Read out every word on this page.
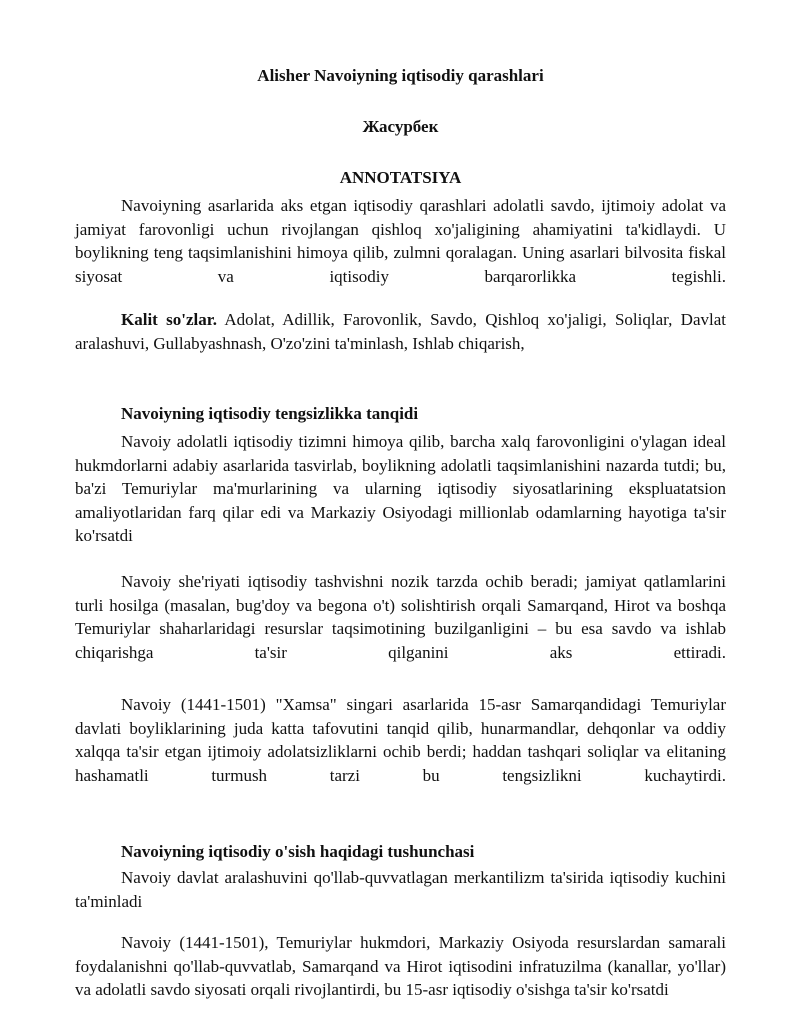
Alisher Navoiyning iqtisodiy qarashlari
Жасурбек
ANNOTATSIYA

Navoiyning asarlarida aks etgan iqtisodiy qarashlari adolatli savdo, ijtimoiy adolat va jamiyat farovonligi uchun rivojlangan qishloq xo'jaligining ahamiyatini ta'kidlaydi. U boylikning teng taqsimlanishini himoya qilib, zulmni qoralagan. Uning asarlari bilvosita fiskal siyosat va iqtisodiy barqarorlikka tegishli.

Kalit so'zlar. Adolat, Adillik, Farovonlik, Savdo, Qishloq xo'jaligi, Soliqlar, Davlat aralashuvi, Gullabyashnash, O'zo'zini ta'minlash, Ishlab chiqarish,

Navoiyning iqtisodiy tengsizlikka tanqidi

Navoiy adolatli iqtisodiy tizimni himoya qilib, barcha xalq farovonligini o'ylagan ideal hukmdorlarni adabiy asarlarida tasvirlab, boylikning adolatli taqsimlanishini nazarda tutdi; bu, ba'zi Temuriylar ma'murlarining va ularning iqtisodiy siyosatlarining ekspluatatsion amaliyotlaridan farq qilar edi va Markaziy Osiyodagi millionlab odamlarning hayotiga ta'sir ko'rsatdi

Navoiy she'riyati iqtisodiy tashvishni nozik tarzda ochib beradi; jamiyat qatlamlarini turli hosilga (masalan, bug'doy va begona o't) solishtirish orqali Samarqand, Hirot va boshqa Temuriylar shaharlaridagi resurslar taqsimotining buzilganligini – bu esa savdo va ishlab chiqarishga ta'sir qilganini aks ettiradi.

Navoiy (1441-1501) "Xamsa" singari asarlarida 15-asr Samarqandidagi Temuriylar davlati boyliklarining juda katta tafovutini tanqid qilib, hunarmandlar, dehqonlar va oddiy xalqqa ta'sir etgan ijtimoiy adolatsizliklarni ochib berdi; haddan tashqari soliqlar va elitaning hashamatli turmush tarzi bu tengsizlikni kuchaytirdi.

Navoiyning iqtisodiy o'sish haqidagi tushunchasi

Navoiy davlat aralashuvini qo'llab-quvvatlagan merkantilizm ta'sirida iqtisodiy kuchini ta'minladi

Navoiy (1441-1501), Temuriylar hukmdori, Markaziy Osiyoda resurslardan samarali foydalanishni qo'llab-quvvatlab, Samarqand va Hirot iqtisodini infratuzilma (kanallar, yo'llar) va adolatli savdo siyosati orqali rivojlantirdi, bu 15-asr iqtisodiy o'sishga ta'sir ko'rsatdi
